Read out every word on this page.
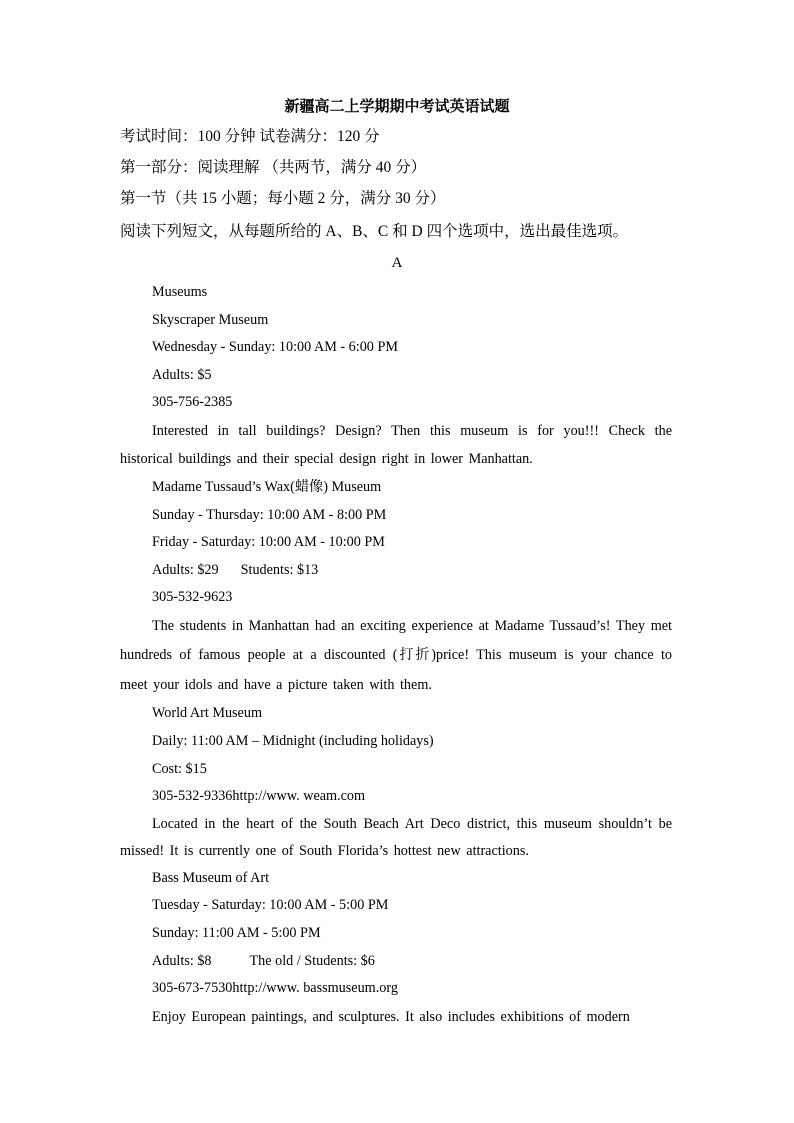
新疆高二上学期期中考试英语试题
考试时间：100 分钟 试卷满分：120 分
第一部分：阅读理解 （共两节，满分 40 分）
第一节（共 15 小题；每小题 2 分，满分 30 分）
阅读下列短文，从每题所给的 A、B、C 和 D 四个选项中，选出最佳选项。
A
Museums
Skyscraper Museum
Wednesday - Sunday: 10:00 AM - 6:00 PM
Adults: $5
305-756-2385
Interested in tall buildings? Design? Then this museum is for you!!! Check the historical buildings and their special design right in lower Manhattan.
Madame Tussaud’s Wax(蜡像) Museum
Sunday - Thursday: 10:00 AM - 8:00 PM
Friday - Saturday: 10:00 AM - 10:00 PM
Adults: $29 Students: $13
305-532-9623
The students in Manhattan had an exciting experience at Madame Tussaud’s! They met hundreds of famous people at a discounted (打折)price! This museum is your chance to meet your idols and have a picture taken with them.
World Art Museum
Daily: 11:00 AM – Midnight (including holidays)
Cost: $15
305-532-9336http://www. weam.com
Located in the heart of the South Beach Art Deco district, this museum shouldn’t be missed! It is currently one of South Florida’s hottest new attractions.
Bass Museum of Art
Tuesday - Saturday: 10:00 AM - 5:00 PM
Sunday: 11:00 AM - 5:00 PM
Adults: $8	The old / Students: $6
305-673-7530http://www. bassmuseum.org
Enjoy European paintings, and sculptures. It also includes exhibitions of modern
